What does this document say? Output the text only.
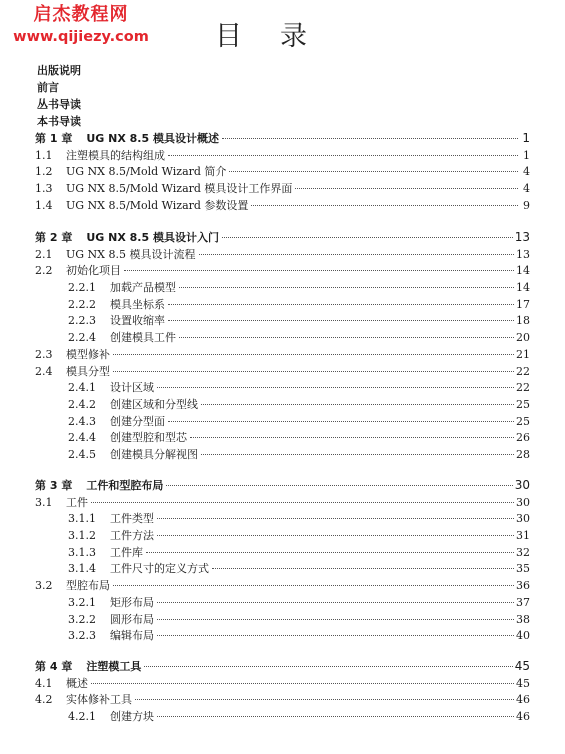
启杰教程网
www.qijiezy.com 目录
出版说明
前言
丛书导读
本书导读
第 1 章 UG NX 8.5 模具设计概述	1
1.1	注塑模具的结构组成	1
1.2	UG NX 8.5/Mold Wizard 简介	4
1.3	UG NX 8.5/Mold Wizard 模具设计工作界面	4
1.4	UG NX 8.5/Mold Wizard 参数设置	9
第 2 章 UG NX 8.5 模具设计入门	13
2.1	UG NX 8.5 模具设计流程	13
2.2	初始化项目	14
2.2.1	加载产品模型	14
2.2.2	模具坐标系	17
2.2.3	设置收缩率	18
2.2.4	创建模具工件	20
2.3	模型修补	21
2.4	模具分型	22
2.4.1	设计区域	22
2.4.2	创建区域和分型线	25
2.4.3	创建分型面	25
2.4.4	创建型腔和型芯	26
2.4.5	创建模具分解视图	28
第 3 章 工件和型腔布局	30
3.1	工件	30
3.1.1	工件类型	30
3.1.2	工件方法	31
3.1.3	工件库	32
3.1.4	工件尺寸的定义方式	35
3.2	型腔布局	36
3.2.1	矩形布局	37
3.2.2	圆形布局	38
3.2.3	编辑布局	40
第 4 章 注塑模工具	45
4.1	概述	45
4.2	实体修补工具	46
4.2.1	创建方块	46
